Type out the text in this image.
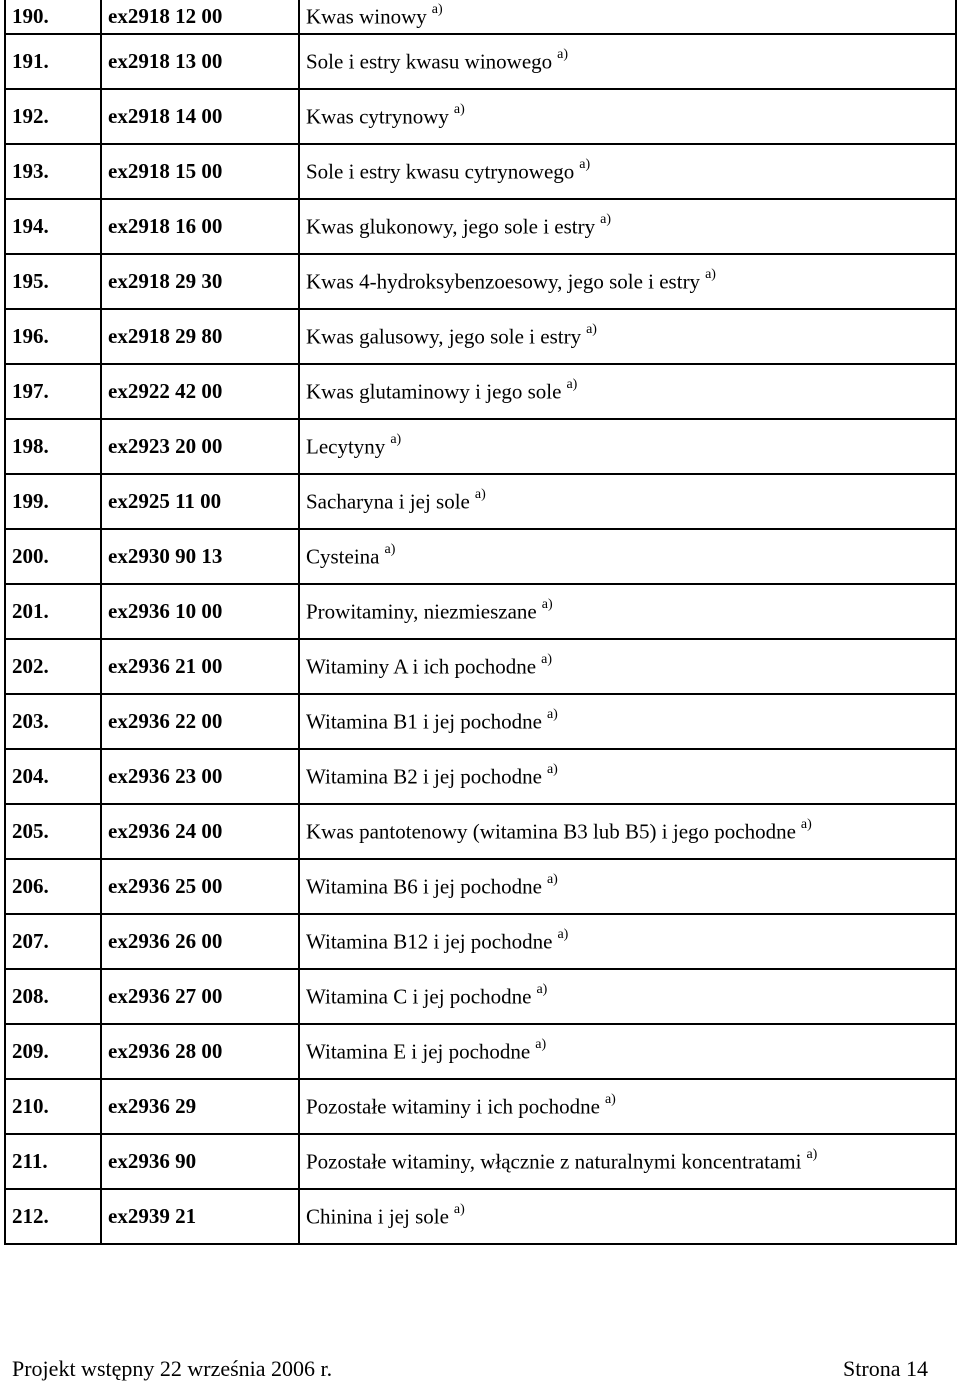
190.	ex2918 12 00	Kwas winowy $^{a)}$
191.	ex2918 13 00	Sole i estry kwasu winowego $^{a)}$
192.	ex2918 14 00	Kwas cytrynowy $^{a)}$
193.	ex2918 15 00	Sole i estry kwasu cytrynowego $^{a)}$
194.	ex2918 16 00	Kwas glukonowy, jego sole i estry $^{a)}$
195.	ex2918 29 30	Kwas 4-hydroksybenzoesowy, jego sole i estry $^{a)}$
196.	ex2918 29 80	Kwas galusowy, jego sole i estry $^{a)}$
197.	ex2922 42 00	Kwas glutaminowy i jego sole $^{a)}$
198.	ex2923 20 00	Lecytyny $^{a)}$
199.	ex2925 11 00	Sacharyna i jej sole $^{a)}$
200.	ex2930 90 13	Cysteina $^{a)}$
201.	ex2936 10 00	Prowitaminy, niezmieszane $^{a)}$
202.	ex2936 21 00	Witaminy A i ich pochodne $^{a)}$
203.	ex2936 22 00	Witamina B1 i jej pochodne $^{a)}$
204.	ex2936 23 00	Witamina B2 i jej pochodne $^{a)}$
205.	ex2936 24 00	Kwas pantotenowy (witamina B3 lub B5) i jego pochodne $^{a)}$
206.	ex2936 25 00	Witamina B6 i jej pochodne $^{a)}$
207.	ex2936 26 00	Witamina B12 i jej pochodne $^{a)}$
208.	ex2936 27 00	Witamina C i jej pochodne $^{a)}$
209.	ex2936 28 00	Witamina E i jej pochodne $^{a)}$
210.	ex2936 29	Pozostałe witaminy i ich pochodne $^{a)}$
211.	ex2936 90	Pozostałe witaminy, włącznie z naturalnymi koncentratami $^{a)}$
212.	ex2939 21	Chinina i jej sole $^{a)}$
Projekt wstępny 22 września 2006 r.	Strona 14
